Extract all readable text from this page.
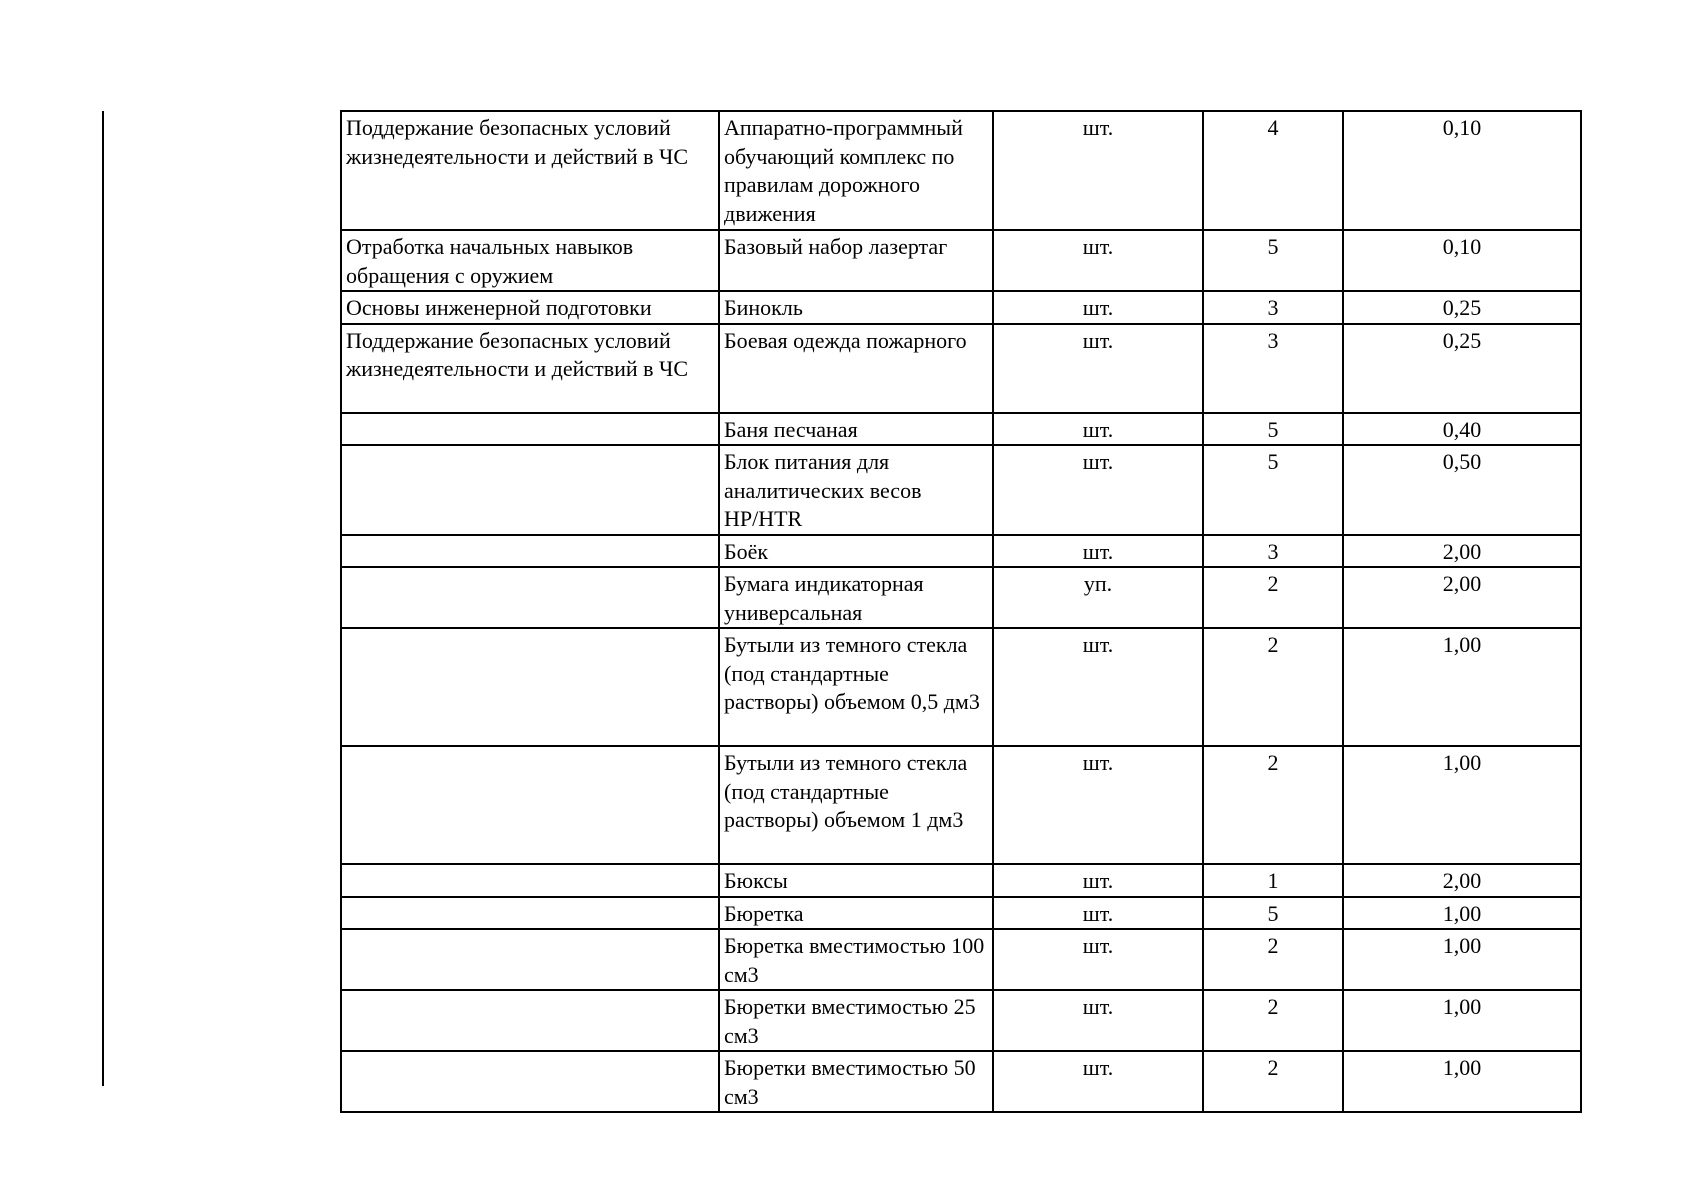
Поддержание безопасных условий жизнедеятельности и действий в ЧС	Аппаратно-программный обучающий комплекс по правилам дорожного движения	шт.	4	0,10
Отработка начальных навыков обращения с оружием	Базовый набор лазертаг	шт.	5	0,10
Основы инженерной подготовки	Бинокль	шт.	3	0,25
Поддержание безопасных условий жизнедеятельности и действий в ЧС	Боевая одежда пожарного	шт.	3	0,25
	Баня песчаная	шт.	5	0,40
	Блок питания для аналитических весов HP/HTR	шт.	5	0,50
	Боёк	шт.	3	2,00
	Бумага индикаторная универсальная	уп.	2	2,00
	Бутыли из темного стекла (под стандартные растворы) объемом 0,5 дм3	шт.	2	1,00
	Бутыли из темного стекла (под стандартные растворы) объемом 1 дм3	шт.	2	1,00
	Бюксы	шт.	1	2,00
	Бюретка	шт.	5	1,00
	Бюретка вместимостью 100 см3	шт.	2	1,00
	Бюретки вместимостью 25 см3	шт.	2	1,00
	Бюретки вместимостью 50 см3	шт.	2	1,00
